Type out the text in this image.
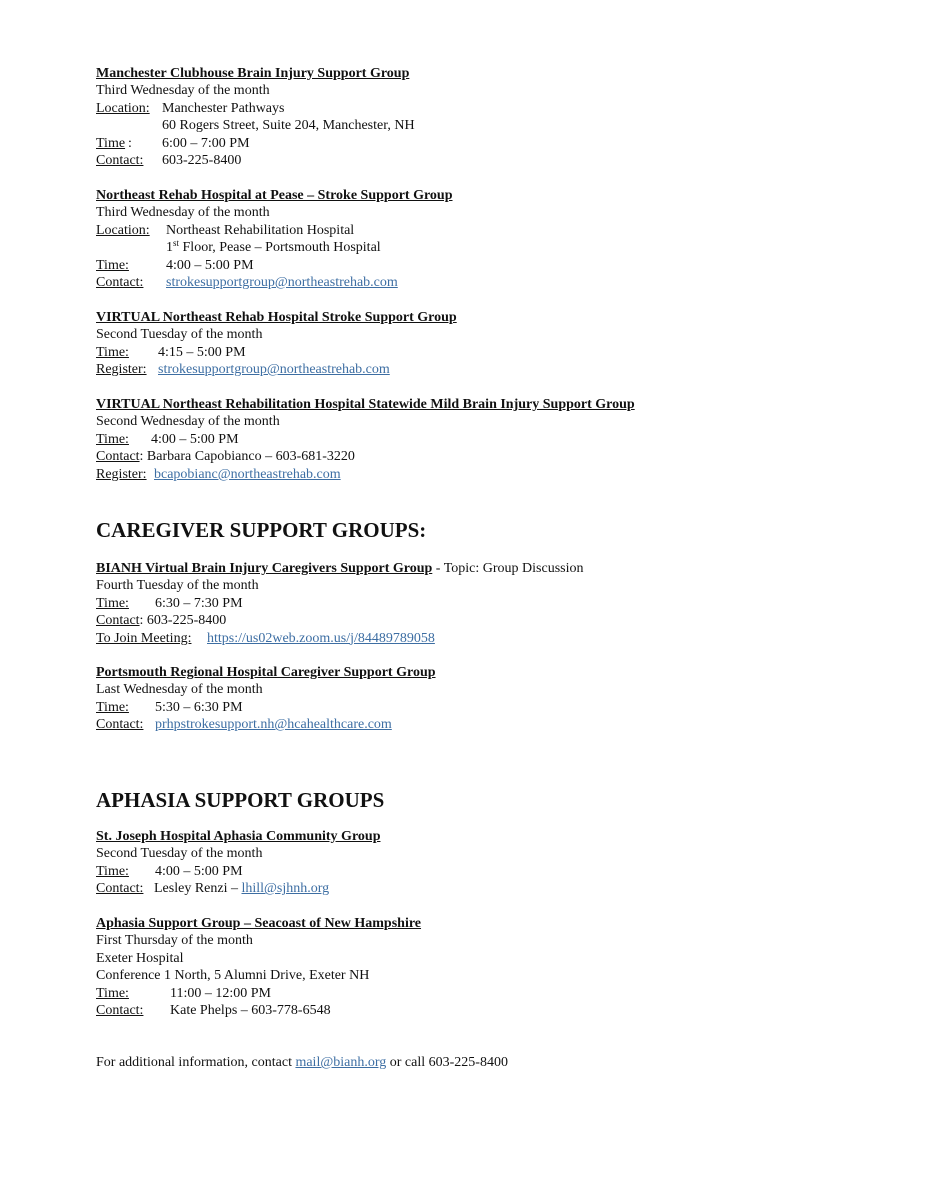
Manchester Clubhouse Brain Injury Support Group
Third Wednesday of the month
Location: Manchester Pathways
60 Rogers Street, Suite 204, Manchester, NH
Time : 6:00 – 7:00 PM
Contact: 603-225-8400
Northeast Rehab Hospital at Pease – Stroke Support Group
Third Wednesday of the month
Location: Northeast Rehabilitation Hospital
1st Floor, Pease – Portsmouth Hospital
Time:	4:00 – 5:00 PM
Contact: strokesupportgroup@northeastrehab.com
VIRTUAL Northeast Rehab Hospital Stroke Support Group
Second Tuesday of the month
Time: 4:15 – 5:00 PM
Register: strokesupportgroup@northeastrehab.com
VIRTUAL Northeast Rehabilitation Hospital Statewide Mild Brain Injury Support Group
Second Wednesday of the month
Time: 4:00 – 5:00 PM
Contact: Barbara Capobianco – 603-681-3220
Register: bcapobianc@northeastrehab.com
CAREGIVER SUPPORT GROUPS:
BIANH Virtual Brain Injury Caregivers Support Group - Topic: Group Discussion
Fourth Tuesday of the month
Time: 6:30 – 7:30 PM
Contact: 603-225-8400
To Join Meeting: https://us02web.zoom.us/j/84489789058
Portsmouth Regional Hospital Caregiver Support Group
Last Wednesday of the month
Time: 5:30 – 6:30 PM
Contact: prhpstrokesupport.nh@hcahealthcare.com
APHASIA SUPPORT GROUPS
St. Joseph Hospital Aphasia Community Group
Second Tuesday of the month
Time: 4:00 – 5:00 PM
Contact: Lesley Renzi – lhill@sjhnh.org
Aphasia Support Group – Seacoast of New Hampshire
First Thursday of the month
Exeter Hospital
Conference 1 North, 5 Alumni Drive, Exeter NH
Time:	11:00 – 12:00 PM
Contact: Kate Phelps – 603-778-6548
For additional information, contact mail@bianh.org or call 603-225-8400
